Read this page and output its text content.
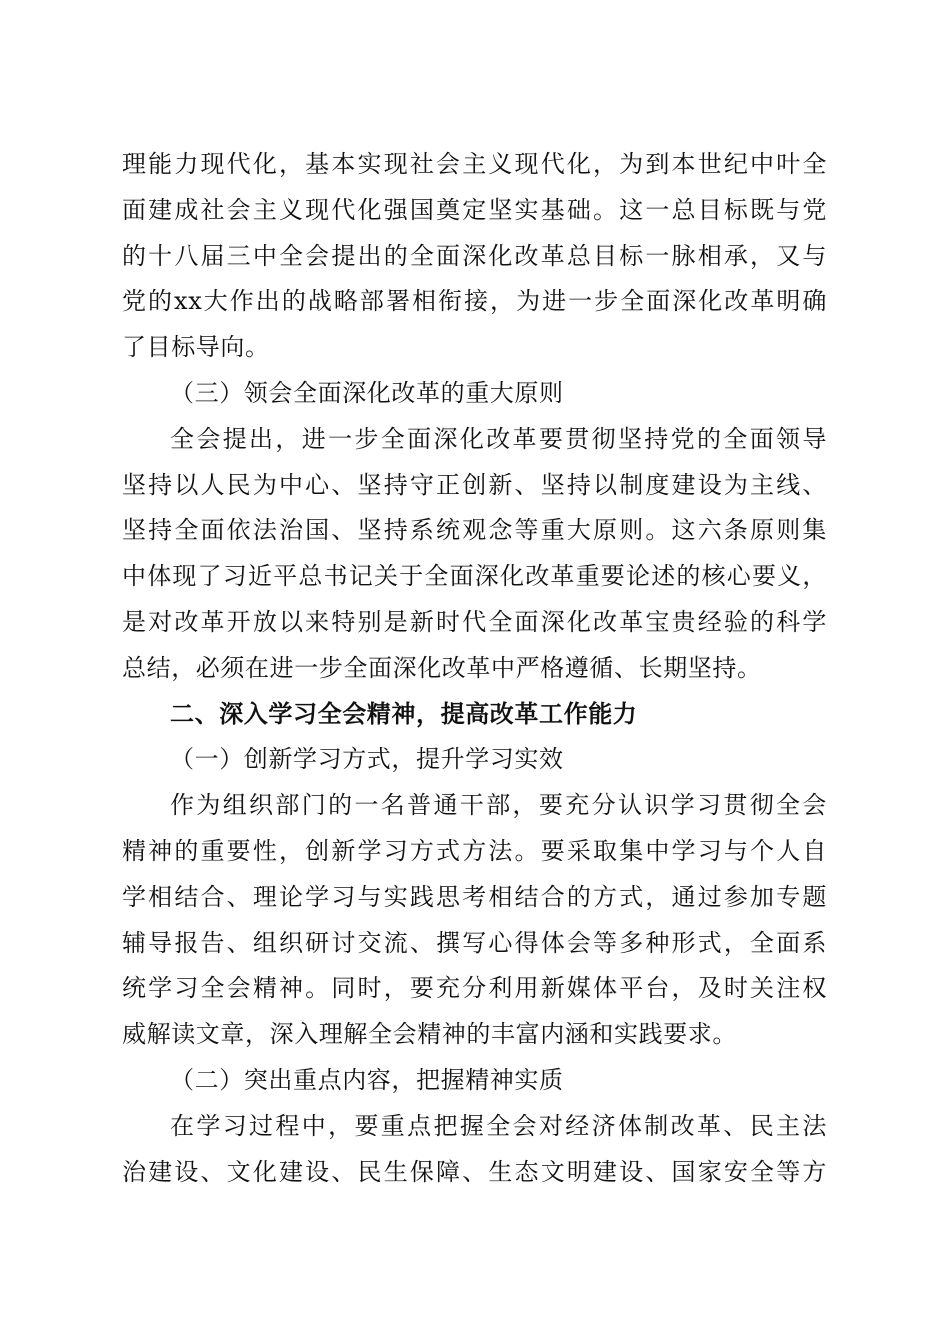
理能力现代化，基本实现社会主义现代化，为到本世纪中叶全
面建成社会主义现代化强国奠定坚实基础。这一总目标既与党
的十八届三中全会提出的全面深化改革总目标一脉相承，又与
党的xx大作出的战略部署相衔接，为进一步全面深化改革明确
了目标导向。
（三）领会全面深化改革的重大原则
全会提出，进一步全面深化改革要贯彻坚持党的全面领导
坚持以人民为中心、坚持守正创新、坚持以制度建设为主线、
坚持全面依法治国、坚持系统观念等重大原则。这六条原则集
中体现了习近平总书记关于全面深化改革重要论述的核心要义，
是对改革开放以来特别是新时代全面深化改革宝贵经验的科学
总结，必须在进一步全面深化改革中严格遵循、长期坚持。
二、深入学习全会精神，提高改革工作能力
（一）创新学习方式，提升学习实效
作为组织部门的一名普通干部，要充分认识学习贯彻全会
精神的重要性，创新学习方式方法。要采取集中学习与个人自
学相结合、理论学习与实践思考相结合的方式，通过参加专题
辅导报告、组织研讨交流、撰写心得体会等多种形式，全面系
统学习全会精神。同时，要充分利用新媒体平台，及时关注权
威解读文章，深入理解全会精神的丰富内涵和实践要求。
（二）突出重点内容，把握精神实质
在学习过程中，要重点把握全会对经济体制改革、民主法
治建设、文化建设、民生保障、生态文明建设、国家安全等方
